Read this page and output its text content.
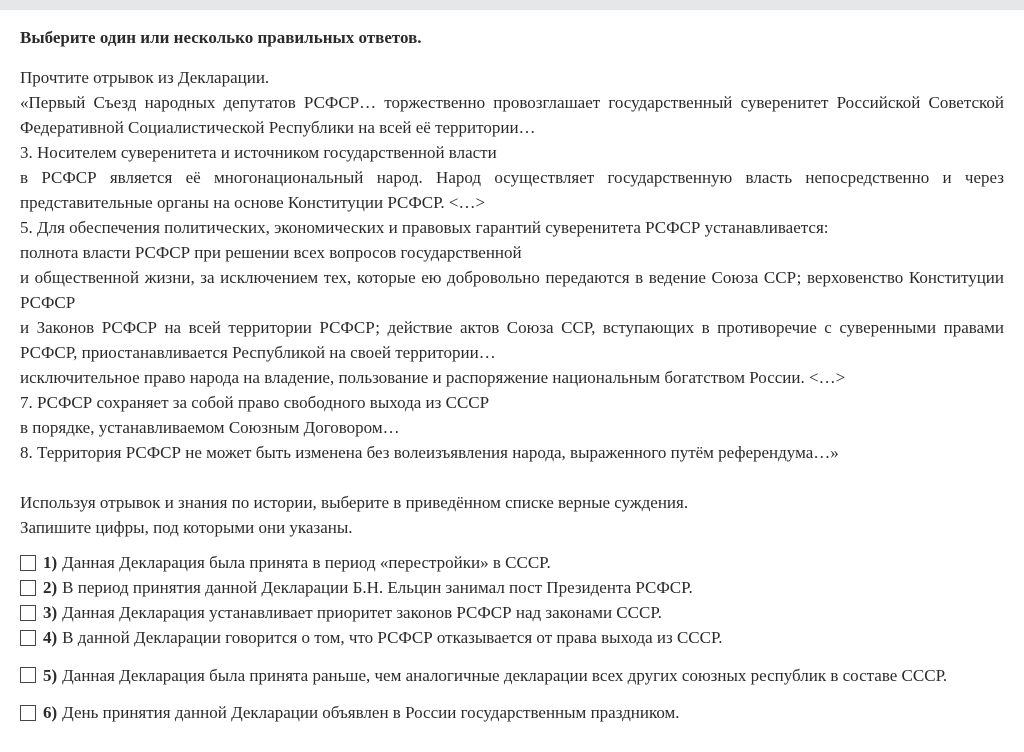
Выберите один или несколько правильных ответов.

Прочтите отрывок из Декларации.

«Первый Съезд народных депутатов РСФСР… торжественно провозглашает государственный суверенитет Российской Советской Федеративной Социалистической Республики на всей её территории…

3. Носителем суверенитета и источником государственной власти

в РСФСР является её многонациональный народ. Народ осуществляет государственную власть непосредственно и через представительные органы на основе Конституции РСФСР. <…>

5. Для обеспечения политических, экономических и правовых гарантий суверенитета РСФСР устанавливается:

полнота власти РСФСР при решении всех вопросов государственной

и общественной жизни, за исключением тех, которые ею добровольно передаются в ведение Союза ССР; верховенство Конституции РСФСР

и Законов РСФСР на всей территории РСФСР; действие актов Союза ССР, вступающих в противоречие с суверенными правами РСФСР, приостанавливается Республикой на своей территории…

исключительное право народа на владение, пользование и распоряжение национальным богатством России. <…>

7. РСФСР сохраняет за собой право свободного выхода из СССР

в порядке, устанавливаемом Союзным Договором…

8. Территория РСФСР не может быть изменена без волеизъявления народа, выраженного путём референдума…»

Используя отрывок и знания по истории, выберите в приведённом списке верные суждения.

Запишите цифры, под которыми они указаны.

1) Данная Декларация была принята в период «перестройки» в СССР.
2) В период принятия данной Декларации Б.Н. Ельцин занимал пост Президента РСФСР.
3) Данная Декларация устанавливает приоритет законов РСФСР над законами СССР.
4) В данной Декларации говорится о том, что РСФСР отказывается от права выхода из СССР.
5) Данная Декларация была принята раньше, чем аналогичные декларации всех других союзных республик в составе СССР.
6) День принятия данной Декларации объявлен в России государственным праздником.
